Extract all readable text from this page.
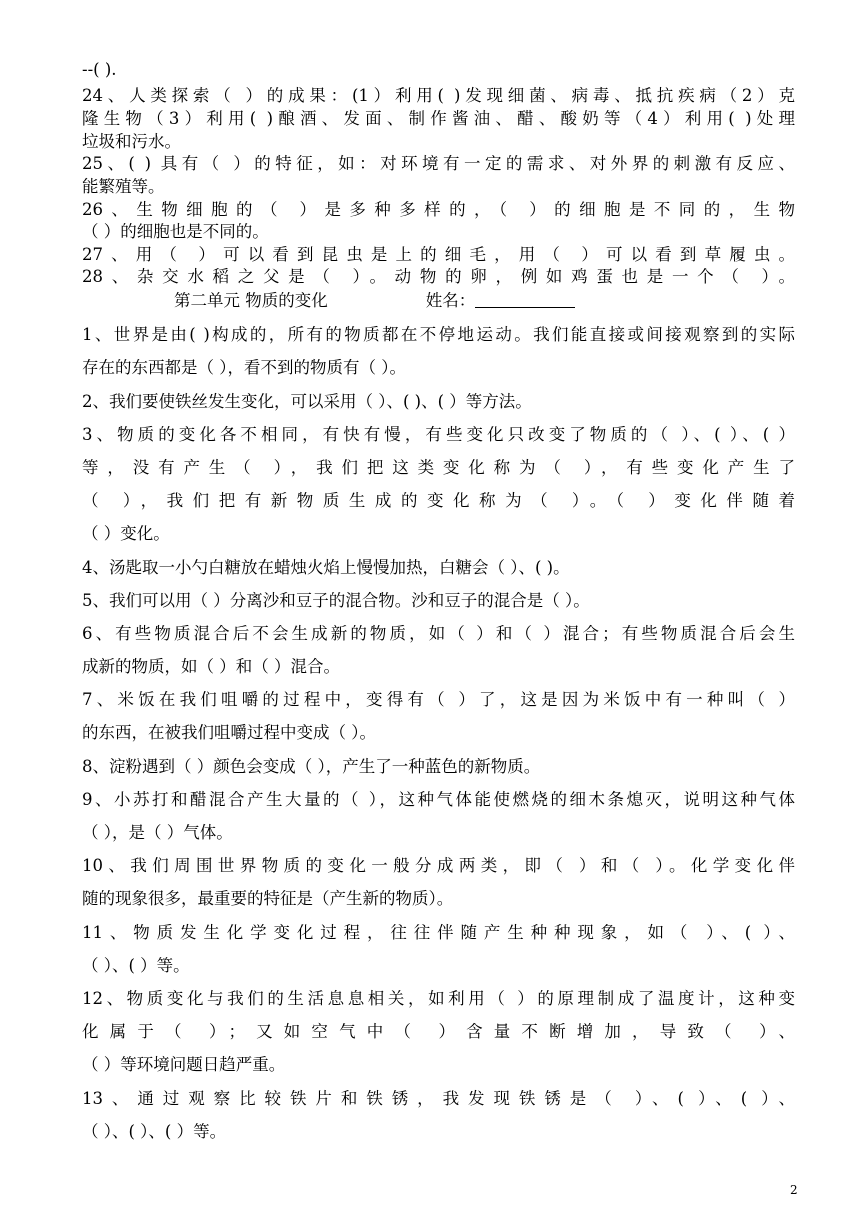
--( ).
24、人类探索（ ）的成果：(1）利用( )发现细菌、病毒、抵抗疾病（2）克
隆生物（3）利用( )酿酒、发面、制作酱油、醋、酸奶等（4）利用( )处理
垃圾和污水。
25、( ) 具有（ ）的特征，如：对环境有一定的需求、对外界的刺激有反应、
能繁殖等。
26、生物细胞的（ ）是多种多样的，（ ）的细胞是不同的，生物
（ ）的细胞也是不同的。
27、用（ ）可以看到昆虫是上的细毛，用（ ）可以看到草履虫。
28、杂交水稻之父是（ ）。动物的卵，例如鸡蛋也是一个（ ）。
第二单元 物质的变化	姓名：
1、世界是由( )构成的，所有的物质都在不停地运动。我们能直接或间接观察到的实际
存在的东西都是（ ），看不到的物质有（ ）。
2、我们要使铁丝发生变化，可以采用（ ）、( )、( ）等方法。
3、物质的变化各不相同，有快有慢，有些变化只改变了物质的（ ）、( ）、( ）
等，没有产生（ ），我们把这类变化称为（ ），有些变化产生了
（ ），我们把有新物质生成的变化称为（ ）。（ ）变化伴随着
（ ）变化。
4、汤匙取一小勺白糖放在蜡烛火焰上慢慢加热，白糖会（ ）、( )。
5、我们可以用（ ）分离沙和豆子的混合物。沙和豆子的混合是（ ）。
6、有些物质混合后不会生成新的物质，如（ ）和（ ）混合；有些物质混合后会生
成新的物质，如（ ）和（ ）混合。
7、米饭在我们咀嚼的过程中，变得有（ ）了，这是因为米饭中有一种叫（ ）
的东西，在被我们咀嚼过程中变成（ ）。
8、淀粉遇到（ ）颜色会变成（ ），产生了一种蓝色的新物质。
9、小苏打和醋混合产生大量的（ ），这种气体能使燃烧的细木条熄灭，说明这种气体
（ ），是（ ）气体。
10、我们周围世界物质的变化一般分成两类，即（ ）和（ ）。化学变化伴
随的现象很多，最重要的特征是（产生新的物质）。
11、物质发生化学变化过程，往往伴随产生种种现象，如（ ）、( ）、
（ ）、( ）等。
12、物质变化与我们的生活息息相关，如利用（ ）的原理制成了温度计，这种变
化属于（ ）；又如空气中（ ）含量不断增加，导致（ ）、
（ ）等环境问题日趋严重。
13、通过观察比较铁片和铁锈，我发现铁锈是（ ）、( ）、( ）、
（ ）、( ）、( ）等。
2
